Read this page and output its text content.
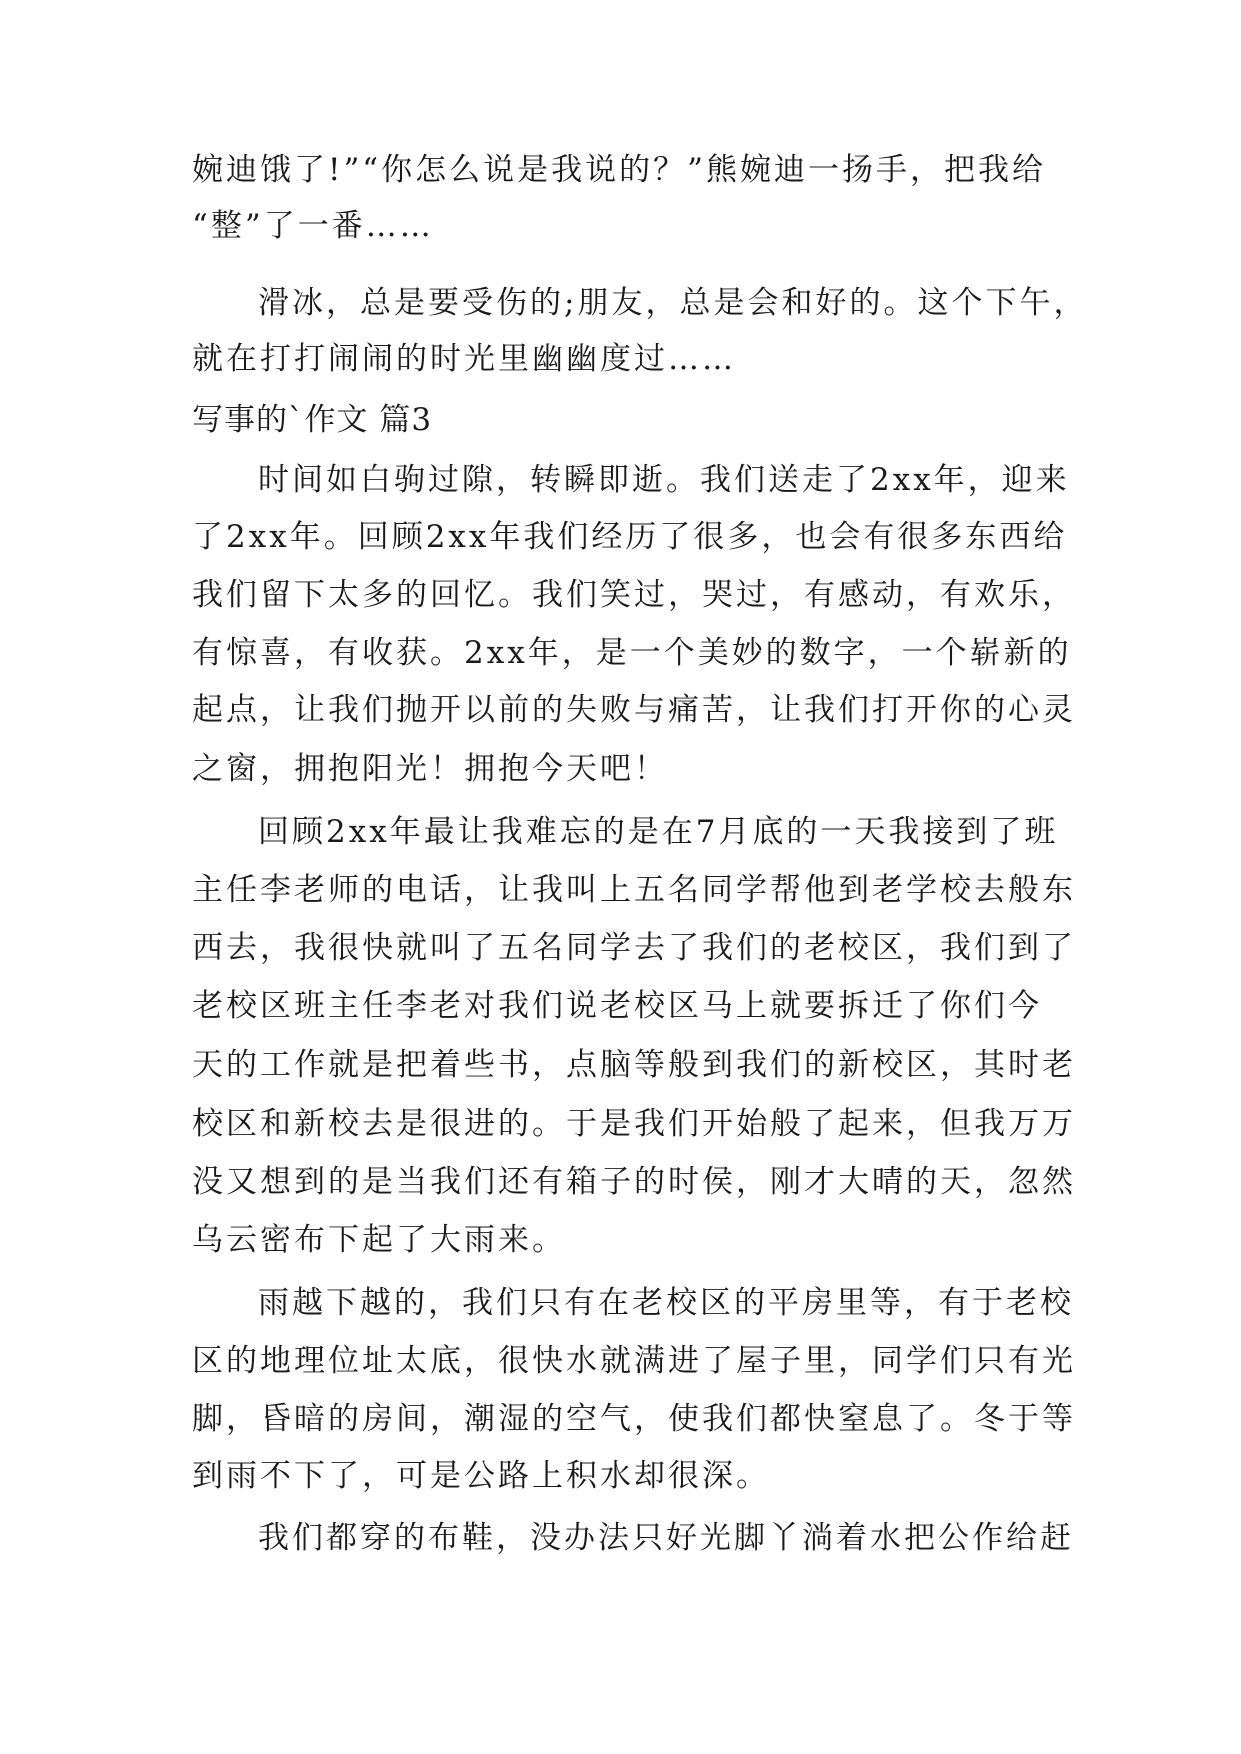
婉迪饿了!”“你怎么说是我说的？”熊婉迪一扬手，把我给
“整”了一番……
滑冰，总是要受伤的;朋友，总是会和好的。这个下午，
就在打打闹闹的时光里幽幽度过……
写事的`作文 篇3
时间如白驹过隙，转瞬即逝。我们送走了2xx年，迎来
了2xx年。回顾2xx年我们经历了很多，也会有很多东西给
我们留下太多的回忆。我们笑过，哭过，有感动，有欢乐，
有惊喜，有收获。2xx年，是一个美妙的数字，一个崭新的
起点，让我们抛开以前的失败与痛苦，让我们打开你的心灵
之窗，拥抱阳光！拥抱今天吧！
回顾2xx年最让我难忘的是在7月底的一天我接到了班
主任李老师的电话，让我叫上五名同学帮他到老学校去般东
西去，我很快就叫了五名同学去了我们的老校区，我们到了
老校区班主任李老对我们说老校区马上就要拆迁了你们今
天的工作就是把着些书，点脑等般到我们的新校区，其时老
校区和新校去是很进的。于是我们开始般了起来，但我万万
没又想到的是当我们还有箱子的时侯，刚才大晴的天，忽然
乌云密布下起了大雨来。
雨越下越的，我们只有在老校区的平房里等，有于老校
区的地理位址太底，很快水就满进了屋子里，同学们只有光
脚，昏暗的房间，潮湿的空气，使我们都快窒息了。冬于等
到雨不下了，可是公路上积水却很深。
我们都穿的布鞋，没办法只好光脚丫淌着水把公作给赶
